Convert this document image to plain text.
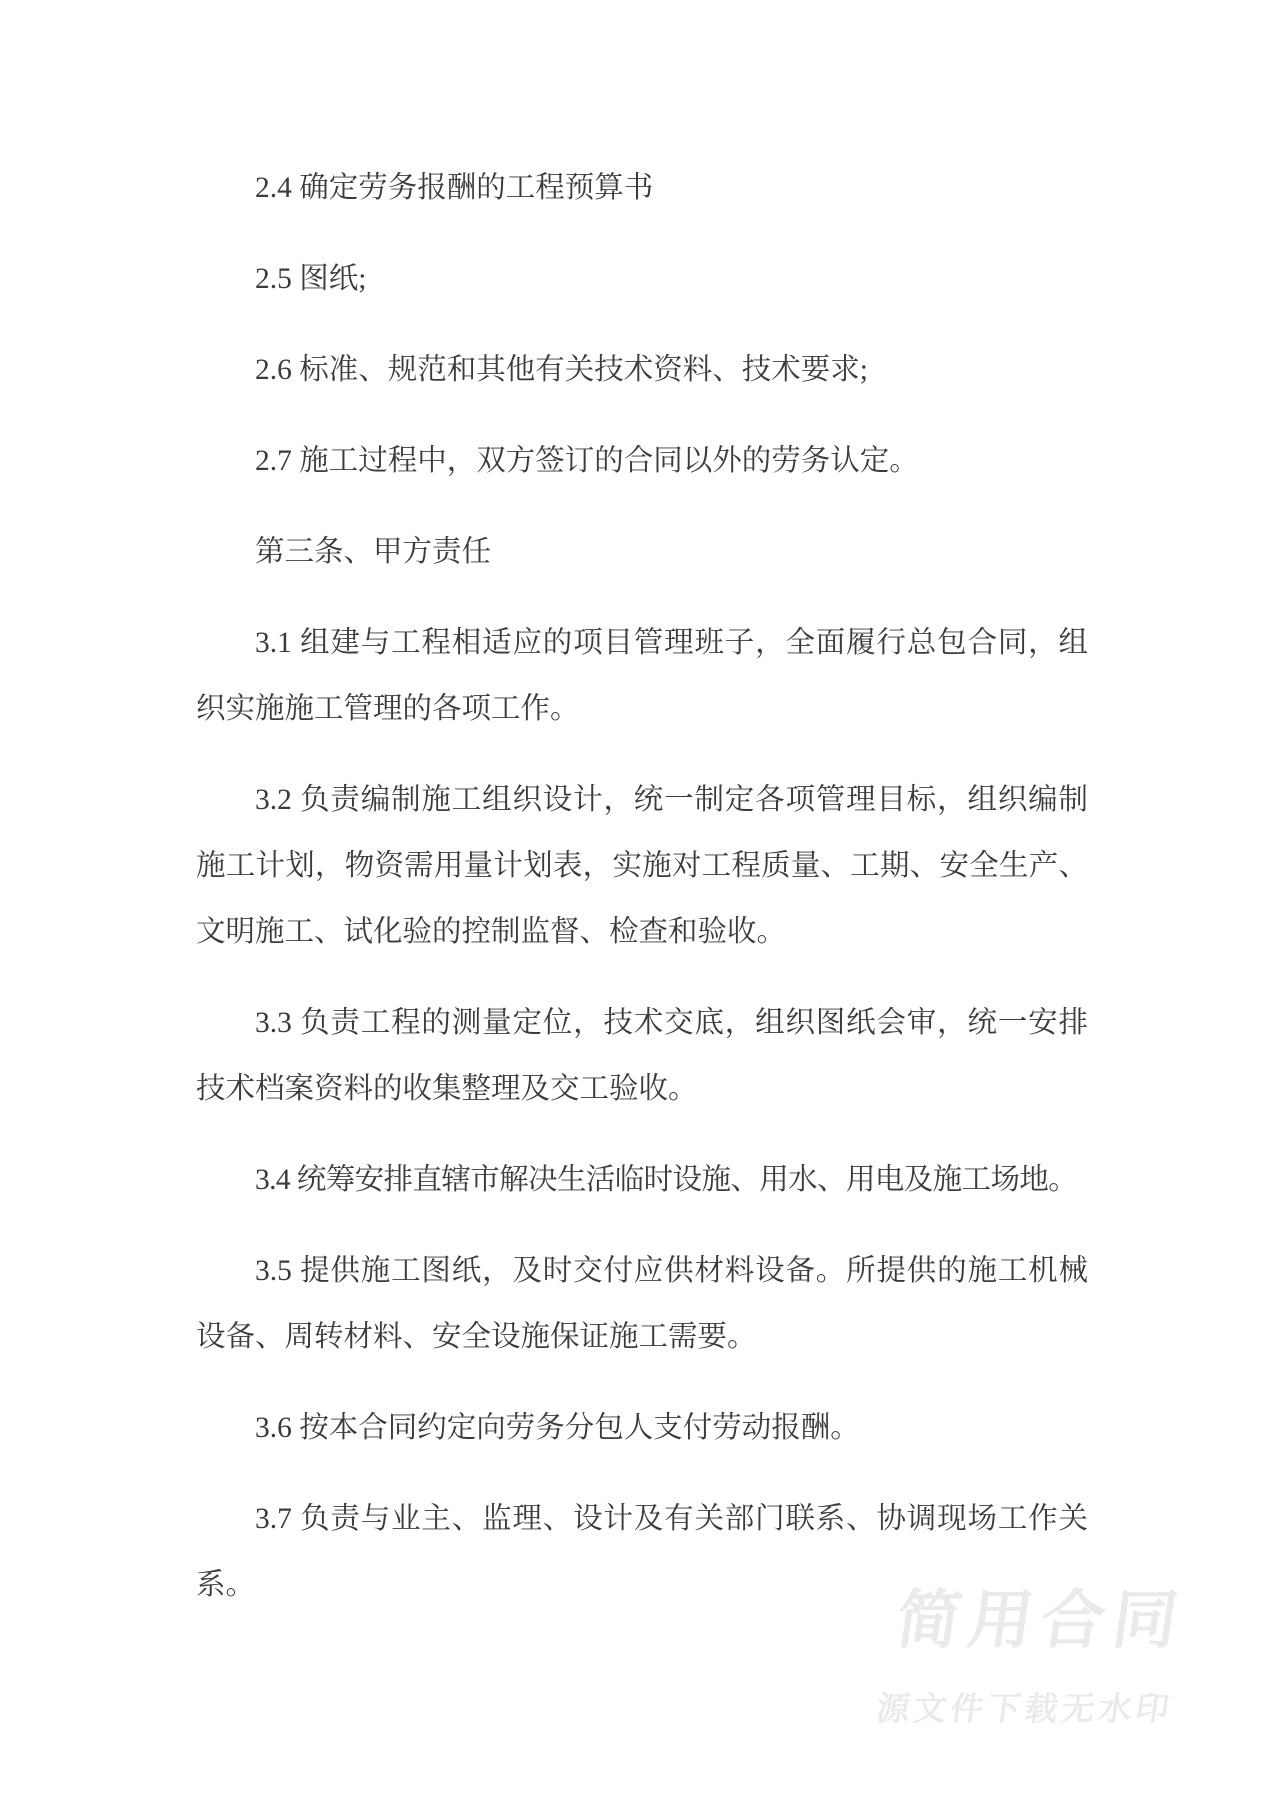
2.4 确定劳务报酬的工程预算书

2.5 图纸;

2.6 标准、规范和其他有关技术资料、技术要求;

2.7 施工过程中，双方签订的合同以外的劳务认定。

第三条、甲方责任

3.1 组建与工程相适应的项目管理班子，全面履行总包合同，组织实施施工管理的各项工作。

3.2 负责编制施工组织设计，统一制定各项管理目标，组织编制施工计划，物资需用量计划表，实施对工程质量、工期、安全生产、文明施工、试化验的控制监督、检查和验收。

3.3 负责工程的测量定位，技术交底，组织图纸会审，统一安排技术档案资料的收集整理及交工验收。

3.4 统筹安排直辖市解决生活临时设施、用水、用电及施工场地。

3.5 提供施工图纸，及时交付应供材料设备。所提供的施工机械设备、周转材料、安全设施保证施工需要。

3.6 按本合同约定向劳务分包人支付劳动报酬。

3.7 负责与业主、监理、设计及有关部门联系、协调现场工作关系。	简用合同
源文件下载无水印
